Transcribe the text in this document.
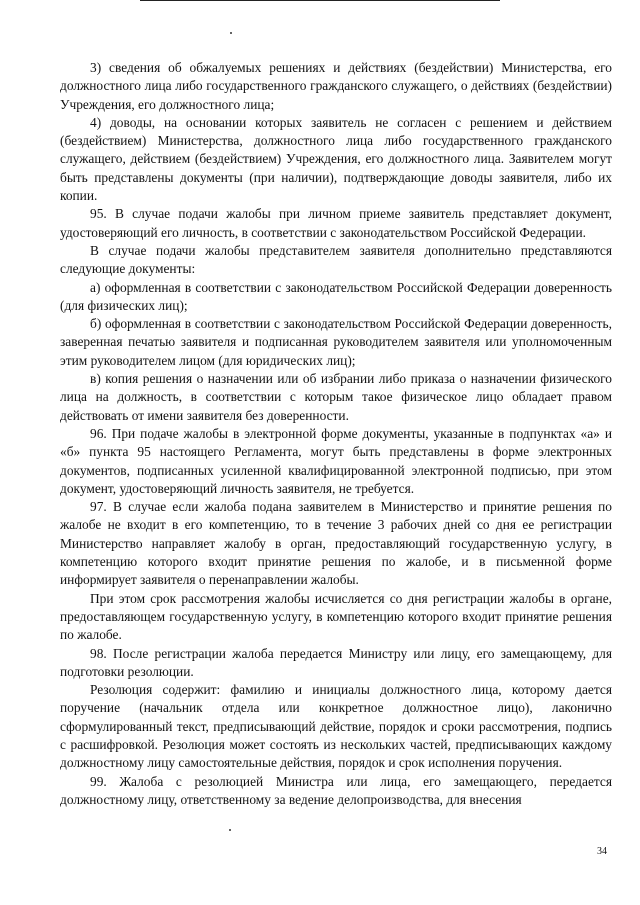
3) сведения об обжалуемых решениях и действиях (бездействии) Министерства, его должностного лица либо государственного гражданского служащего, о действиях (бездействии) Учреждения, его должностного лица;

4) доводы, на основании которых заявитель не согласен с решением и действием (бездействием) Министерства, должностного лица либо государственного гражданского служащего, действием (бездействием) Учреждения, его должностного лица. Заявителем могут быть представлены документы (при наличии), подтверждающие доводы заявителя, либо их копии.

95. В случае подачи жалобы при личном приеме заявитель представляет документ, удостоверяющий его личность, в соответствии с законодательством Российской Федерации.

В случае подачи жалобы представителем заявителя дополнительно представляются следующие документы:

а) оформленная в соответствии с законодательством Российской Федерации доверенность (для физических лиц);

б) оформленная в соответствии с законодательством Российской Федерации доверенность, заверенная печатью заявителя и подписанная руководителем заявителя или уполномоченным этим руководителем лицом (для юридических лиц);

в) копия решения о назначении или об избрании либо приказа о назначении физического лица на должность, в соответствии с которым такое физическое лицо обладает правом действовать от имени заявителя без доверенности.

96. При подаче жалобы в электронной форме документы, указанные в подпунктах «а» и «б» пункта 95 настоящего Регламента, могут быть представлены в форме электронных документов, подписанных усиленной квалифицированной электронной подписью, при этом документ, удостоверяющий личность заявителя, не требуется.

97. В случае если жалоба подана заявителем в Министерство и принятие решения по жалобе не входит в его компетенцию, то в течение 3 рабочих дней со дня ее регистрации Министерство направляет жалобу в орган, предоставляющий государственную услугу, в компетенцию которого входит принятие решения по жалобе, и в письменной форме информирует заявителя о перенаправлении жалобы.

При этом срок рассмотрения жалобы исчисляется со дня регистрации жалобы в органе, предоставляющем государственную услугу, в компетенцию которого входит принятие решения по жалобе.

98. После регистрации жалоба передается Министру или лицу, его замещающему, для подготовки резолюции.

Резолюция содержит: фамилию и инициалы должностного лица, которому дается поручение (начальник отдела или конкретное должностное лицо), лаконично сформулированный текст, предписывающий действие, порядок и сроки рассмотрения, подпись с расшифровкой. Резолюция может состоять из нескольких частей, предписывающих каждому должностному лицу самостоятельные действия, порядок и срок исполнения поручения.

99. Жалоба с резолюцией Министра или лица, его замещающего, передается должностному лицу, ответственному за ведение делопроизводства, для внесения

34
